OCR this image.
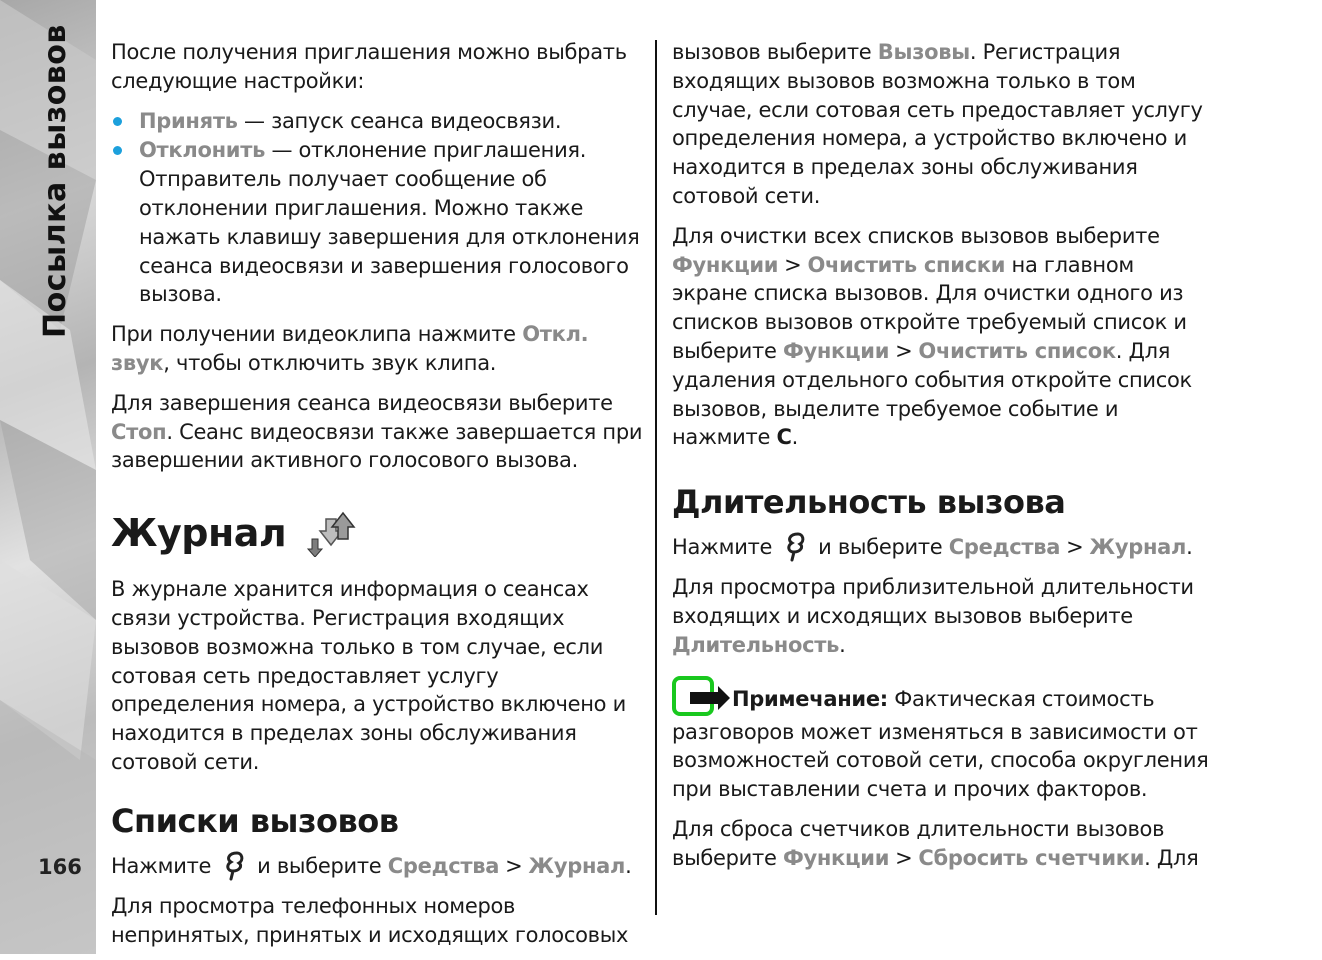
Посылка вызовов
166

После получения приглашения можно выбрать следующие настройки:

Принять — запуск сеанса видеосвязи.
Отклонить — отклонение приглашения. Отправитель получает сообщение об отклонении приглашения. Можно также нажать клавишу завершения для отклонения сеанса видеосвязи и завершения голосового вызова.

При получении видеоклипа нажмите Откл. звук, чтобы отключить звук клипа.

Для завершения сеанса видеосвязи выберите Стоп. Сеанс видеосвязи также завершается при завершении активного голосового вызова.

Журнал

В журнале хранится информация о сеансах связи устройства. Регистрация входящих вызовов возможна только в том случае, если сотовая сеть предоставляет услугу определения номера, а устройство включено и находится в пределах зоны обслуживания сотовой сети.

Списки вызовов

Нажмите и выберите Средства > Журнал.

Для просмотра телефонных номеров непринятых, принятых и исходящих голосовых

вызовов выберите Вызовы. Регистрация входящих вызовов возможна только в том случае, если сотовая сеть предоставляет услугу определения номера, а устройство включено и находится в пределах зоны обслуживания сотовой сети.

Для очистки всех списков вызовов выберите Функции > Очистить списки на главном экране списка вызовов. Для очистки одного из списков вызовов откройте требуемый список и выберите Функции > Очистить список. Для удаления отдельного события откройте список вызовов, выделите требуемое событие и нажмите C.

Длительность вызова

Нажмите и выберите Средства > Журнал.

Для просмотра приблизительной длительности входящих и исходящих вызовов выберите Длительность.

Примечание: Фактическая стоимость разговоров может изменяться в зависимости от возможностей сотовой сети, способа округления при выставлении счета и прочих факторов.

Для сброса счетчиков длительности вызовов выберите Функции > Сбросить счетчики. Для
